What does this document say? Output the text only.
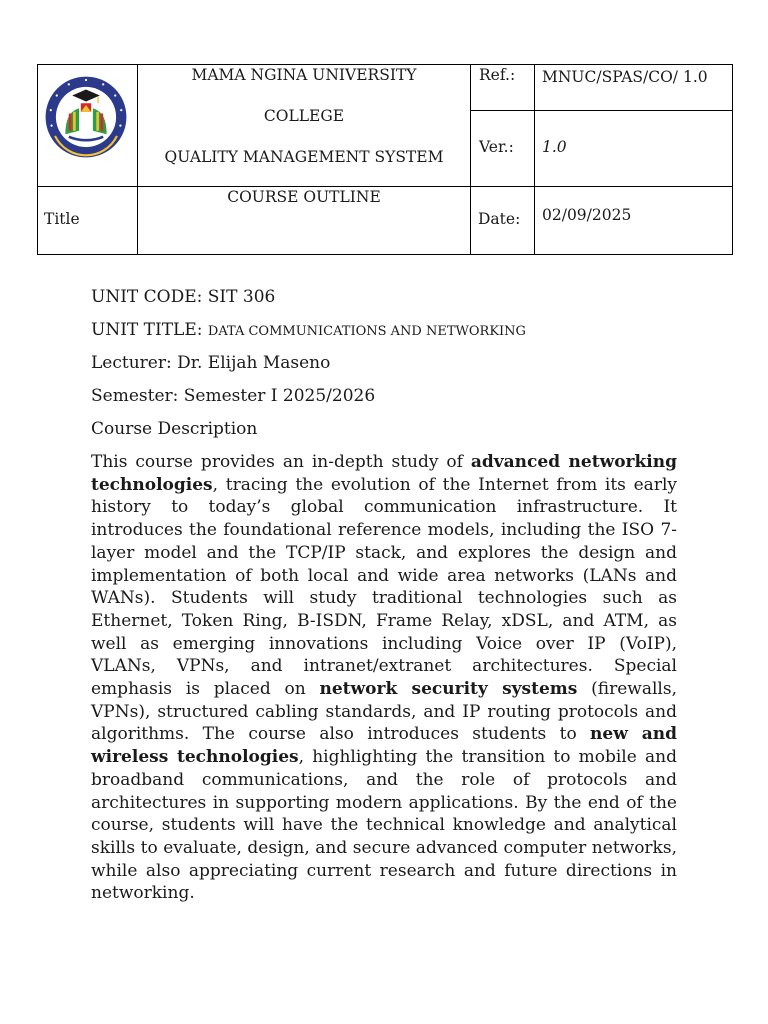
MAMA NGINA UNIVERSITY
COLLEGE
QUALITY MANAGEMENT SYSTEM
Ref.: MNUC/SPAS/CO/ 1.0
Ver.: 1.0
Title
COURSE OUTLINE
Date: 02/09/2025
UNIT CODE: SIT 306
UNIT TITLE: DATA COMMUNICATIONS AND NETWORKING
Lecturer: Dr. Elijah Maseno
Semester: Semester I 2025/2026
Course Description

This course provides an in-depth study of advanced networking technologies, tracing the evolution of the Internet from its early history to today’s global communication infrastructure. It introduces the foundational reference models, including the ISO 7-layer model and the TCP/IP stack, and explores the design and implementation of both local and wide area networks (LANs and WANs). Students will study traditional technologies such as Ethernet, Token Ring, B-ISDN, Frame Relay, xDSL, and ATM, as well as emerging innovations including Voice over IP (VoIP), VLANs, VPNs, and intranet/extranet architectures. Special emphasis is placed on network security systems (firewalls, VPNs), structured cabling standards, and IP routing protocols and algorithms. The course also introduces students to new and wireless technologies, highlighting the transition to mobile and broadband communications, and the role of protocols and architectures in supporting modern applications. By the end of the course, students will have the technical knowledge and analytical skills to evaluate, design, and secure advanced computer networks, while also appreciating current research and future directions in networking.
